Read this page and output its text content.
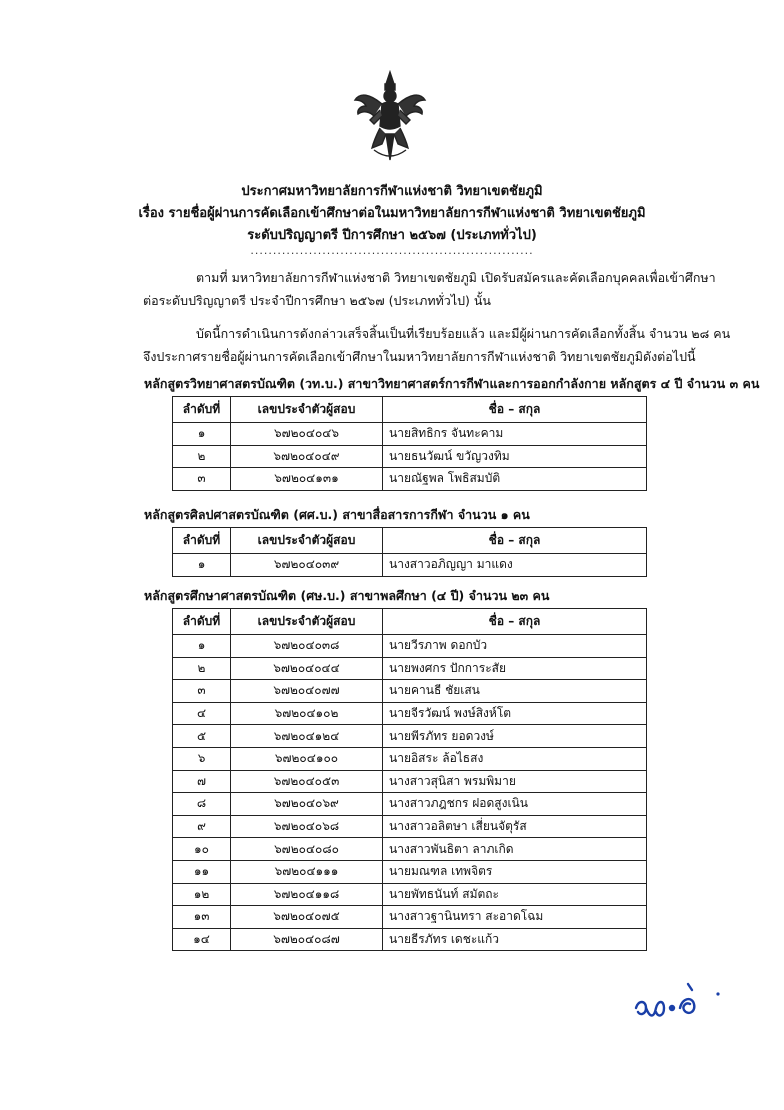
ประกาศมหาวิทยาลัยการกีฬาแห่งชาติ วิทยาเขตชัยภูมิ
เรื่อง รายชื่อผู้ผ่านการคัดเลือกเข้าศึกษาต่อในมหาวิทยาลัยการกีฬาแห่งชาติ วิทยาเขตชัยภูมิ
ระดับปริญญาตรี ปีการศึกษา ๒๕๖๗ (ประเภททั่วไป)
...............................................................
ตามที่ มหาวิทยาลัยการกีฬาแห่งชาติ วิทยาเขตชัยภูมิ เปิดรับสมัครและคัดเลือกบุคคลเพื่อเข้าศึกษา
ต่อระดับปริญญาตรี ประจำปีการศึกษา ๒๕๖๗ (ประเภททั่วไป) นั้น
บัดนี้การดำเนินการดังกล่าวเสร็จสิ้นเป็นที่เรียบร้อยแล้ว และมีผู้ผ่านการคัดเลือกทั้งสิ้น จำนวน ๒๘ คน
จึงประกาศรายชื่อผู้ผ่านการคัดเลือกเข้าศึกษาในมหาวิทยาลัยการกีฬาแห่งชาติ วิทยาเขตชัยภูมิดังต่อไปนี้
หลักสูตรวิทยาศาสตรบัณฑิต (วท.บ.) สาขาวิทยาศาสตร์การกีฬาและการออกกำลังกาย หลักสูตร ๔ ปี จำนวน ๓ คน
ลำดับที่	เลขประจำตัวผู้สอบ	ชื่อ – สกุล
๑	๖๗๒๐๔๐๔๖	นายสิทธิกร จันทะคาม
๒	๖๗๒๐๔๐๔๙	นายธนวัฒน์ ขวัญวงทิม
๓	๖๗๒๐๔๑๓๑	นายณัฐพล โพธิสมบัติ
หลักสูตรศิลปศาสตรบัณฑิต (ศศ.บ.) สาขาสื่อสารการกีฬา จำนวน ๑ คน
ลำดับที่	เลขประจำตัวผู้สอบ	ชื่อ – สกุล
๑	๖๗๒๐๔๐๓๙	นางสาวอภิญญา มาแดง
หลักสูตรศึกษาศาสตรบัณฑิต (ศษ.บ.) สาขาพลศึกษา (๔ ปี) จำนวน ๒๓ คน
ลำดับที่	เลขประจำตัวผู้สอบ	ชื่อ – สกุล
๑	๖๗๒๐๔๐๓๘	นายวีรภาพ ดอกบัว
๒	๖๗๒๐๔๐๔๔	นายพงศกร ปักการะสัย
๓	๖๗๒๐๔๐๗๗	นายคานธี ชัยเสน
๔	๖๗๒๐๔๑๐๒	นายจีรวัฒน์ พงษ์สิงห์โต
๕	๖๗๒๐๔๑๒๔	นายพีรภัทร ยอดวงษ์
๖	๖๗๒๐๔๑๐๐	นายอิสระ ล้อไธสง
๗	๖๗๒๐๔๐๕๓	นางสาวสุนิสา พรมพิมาย
๘	๖๗๒๐๔๐๖๙	นางสาวภฎชกร ฝอดสูงเนิน
๙	๖๗๒๐๔๐๖๘	นางสาวอลิตษา เสี่ยนจัตุรัส
๑๐	๖๗๒๐๔๐๘๐	นางสาวพันธิตา ลาภเกิด
๑๑	๖๗๒๐๔๑๑๑	นายมณฑล เทพจิตร
๑๒	๖๗๒๐๔๑๑๘	นายพัทธนันท์ สมัตถะ
๑๓	๖๗๒๐๔๐๗๕	นางสาวฐานินทรา สะอาดโฉม
๑๔	๖๗๒๐๔๐๘๗	นายธีรภัทร เดชะแก้ว
